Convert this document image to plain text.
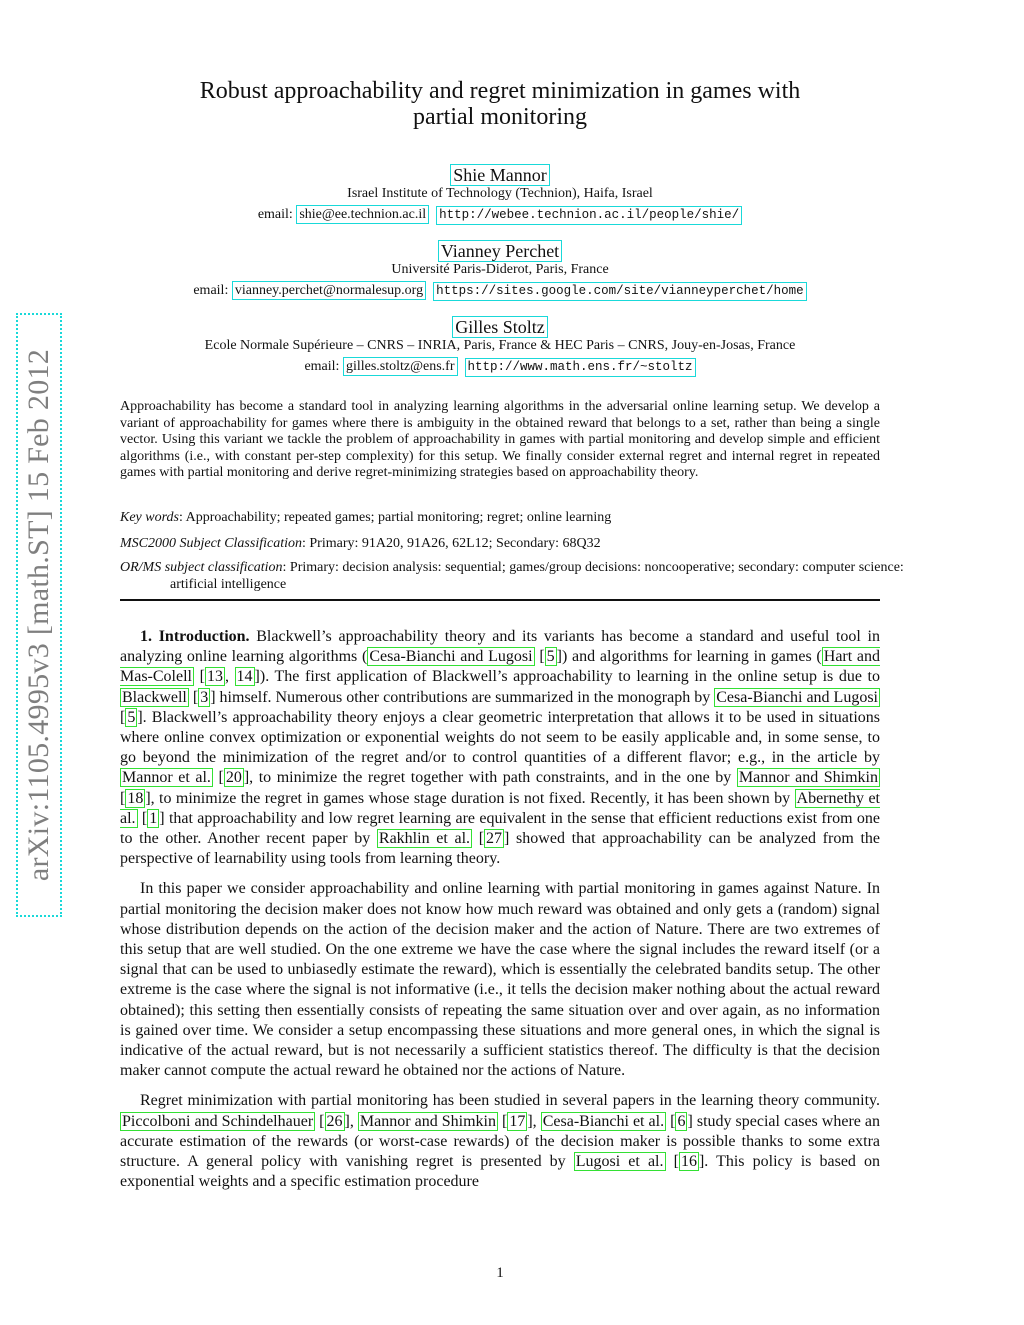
arXiv:1105.4995v3 [math.ST] 15 Feb 2012
Robust approachability and regret minimization in games with
partial monitoring
Shie Mannor
Israel Institute of Technology (Technion), Haifa, Israel
email: shie@ee.technion.ac.il http://webee.technion.ac.il/people/shie/
Vianney Perchet
Université Paris-Diderot, Paris, France
email: vianney.perchet@normalesup.org https://sites.google.com/site/vianneyperchet/home
Gilles Stoltz
Ecole Normale Supérieure – CNRS – INRIA, Paris, France & HEC Paris – CNRS, Jouy-en-Josas, France
email: gilles.stoltz@ens.fr http://www.math.ens.fr/~stoltz
Approachability has become a standard tool in analyzing learning algorithms in the adversarial online learning setup. We develop a variant of approachability for games where there is ambiguity in the obtained reward that belongs to a set, rather than being a single vector. Using this variant we tackle the problem of approachability in games with partial monitoring and develop simple and efficient algorithms (i.e., with constant per-step complexity) for this setup. We finally consider external regret and internal regret in repeated games with partial monitoring and derive regret-minimizing strategies based on approachability theory.
Key words: Approachability; repeated games; partial monitoring; regret; online learning
MSC2000 Subject Classification: Primary: 91A20, 91A26, 62L12; Secondary: 68Q32
OR/MS subject classification: Primary: decision analysis: sequential; games/group decisions: noncooperative; secondary: computer science: artificial intelligence

1. Introduction. Blackwell’s approachability theory and its variants has become a standard and useful tool in analyzing online learning algorithms ( Cesa-Bianchi and Lugosi [ 5 ]) and algorithms for learning in games ( Hart and Mas-Colell [ 13 , 14 ]). The first application of Blackwell’s approachability to learning in the online setup is due to Blackwell [ 3 ] himself. Numerous other contributions are summarized in the monograph by Cesa-Bianchi and Lugosi [ 5 ]. Blackwell’s approachability theory enjoys a clear geometric interpretation that allows it to be used in situations where online convex optimization or exponential weights do not seem to be easily applicable and, in some sense, to go beyond the minimization of the regret and/or to control quantities of a different flavor; e.g., in the article by Mannor et al. [ 20 ], to minimize the regret together with path constraints, and in the one by Mannor and Shimkin [ 18 ], to minimize the regret in games whose stage duration is not fixed. Recently, it has been shown by Abernethy et al. [ 1 ] that approachability and low regret learning are equivalent in the sense that efficient reductions exist from one to the other. Another recent paper by Rakhlin et al. [ 27 ] showed that approachability can be analyzed from the perspective of learnability using tools from learning theory.

In this paper we consider approachability and online learning with partial monitoring in games against Nature. In partial monitoring the decision maker does not know how much reward was obtained and only gets a (random) signal whose distribution depends on the action of the decision maker and the action of Nature. There are two extremes of this setup that are well studied. On the one extreme we have the case where the signal includes the reward itself (or a signal that can be used to unbiasedly estimate the reward), which is essentially the celebrated bandits setup. The other extreme is the case where the signal is not informative (i.e., it tells the decision maker nothing about the actual reward obtained); this setting then essentially consists of repeating the same situation over and over again, as no information is gained over time. We consider a setup encompassing these situations and more general ones, in which the signal is indicative of the actual reward, but is not necessarily a sufficient statistics thereof. The difficulty is that the decision maker cannot compute the actual reward he obtained nor the actions of Nature.

Regret minimization with partial monitoring has been studied in several papers in the learning theory community. Piccolboni and Schindelhauer [ 26 ], Mannor and Shimkin [ 17 ], Cesa-Bianchi et al. [ 6 ] study special cases where an accurate estimation of the rewards (or worst-case rewards) of the decision maker is possible thanks to some extra structure. A general policy with vanishing regret is presented by Lugosi et al. [ 16 ]. This policy is based on exponential weights and a specific estimation procedure

1
